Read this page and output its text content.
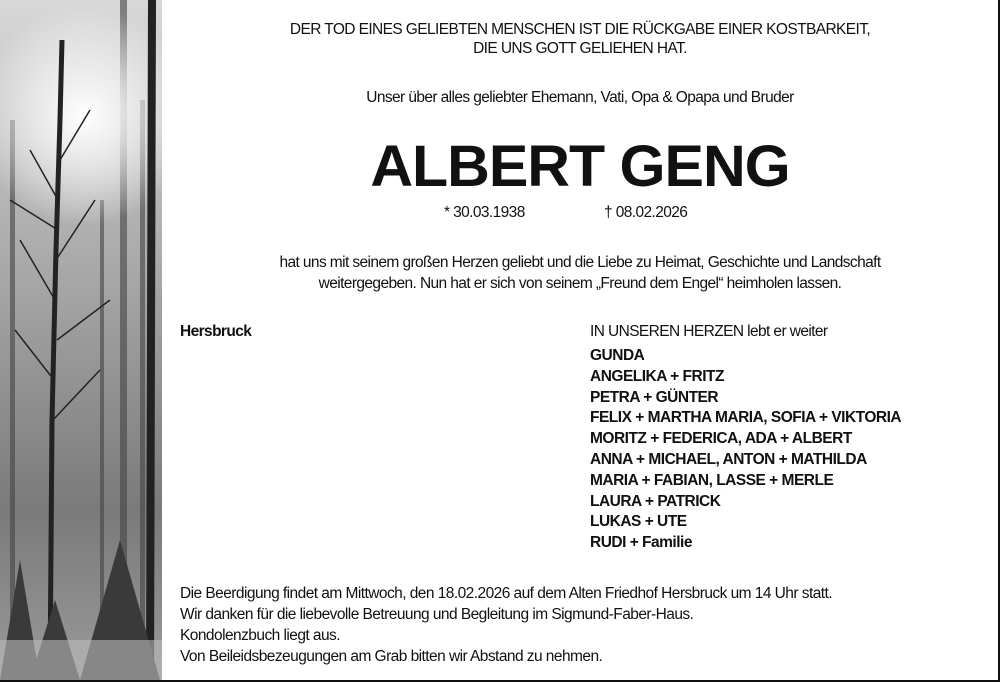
DER TOD EINES GELIEBTEN MENSCHEN IST DIE RÜCKGABE EINER KOSTBARKEIT,
DIE UNS GOTT GELIEHEN HAT.
Unser über alles geliebter Ehemann, Vati, Opa & Opapa und Bruder
ALBERT GENG
* 30.03.1938	† 08.02.2026
hat uns mit seinem großen Herzen geliebt und die Liebe zu Heimat, Geschichte und Landschaft
weitergegeben. Nun hat er sich von seinem „Freund dem Engel“ heimholen lassen.
Hersbruck	IN UNSEREN HERZEN lebt er weiter
GUNDA
ANGELIKA + FRITZ
PETRA + GÜNTER
FELIX + MARTHA MARIA, SOFIA + VIKTORIA
MORITZ + FEDERICA, ADA + ALBERT
ANNA + MICHAEL, ANTON + MATHILDA
MARIA + FABIAN, LASSE + MERLE
LAURA + PATRICK
LUKAS + UTE
RUDI + Familie
Die Beerdigung findet am Mittwoch, den 18.02.2026 auf dem Alten Friedhof Hersbruck um 14 Uhr statt.
Wir danken für die liebevolle Betreuung und Begleitung im Sigmund-Faber-Haus.
Kondolenzbuch liegt aus.
Von Beileidsbezeugungen am Grab bitten wir Abstand zu nehmen.
